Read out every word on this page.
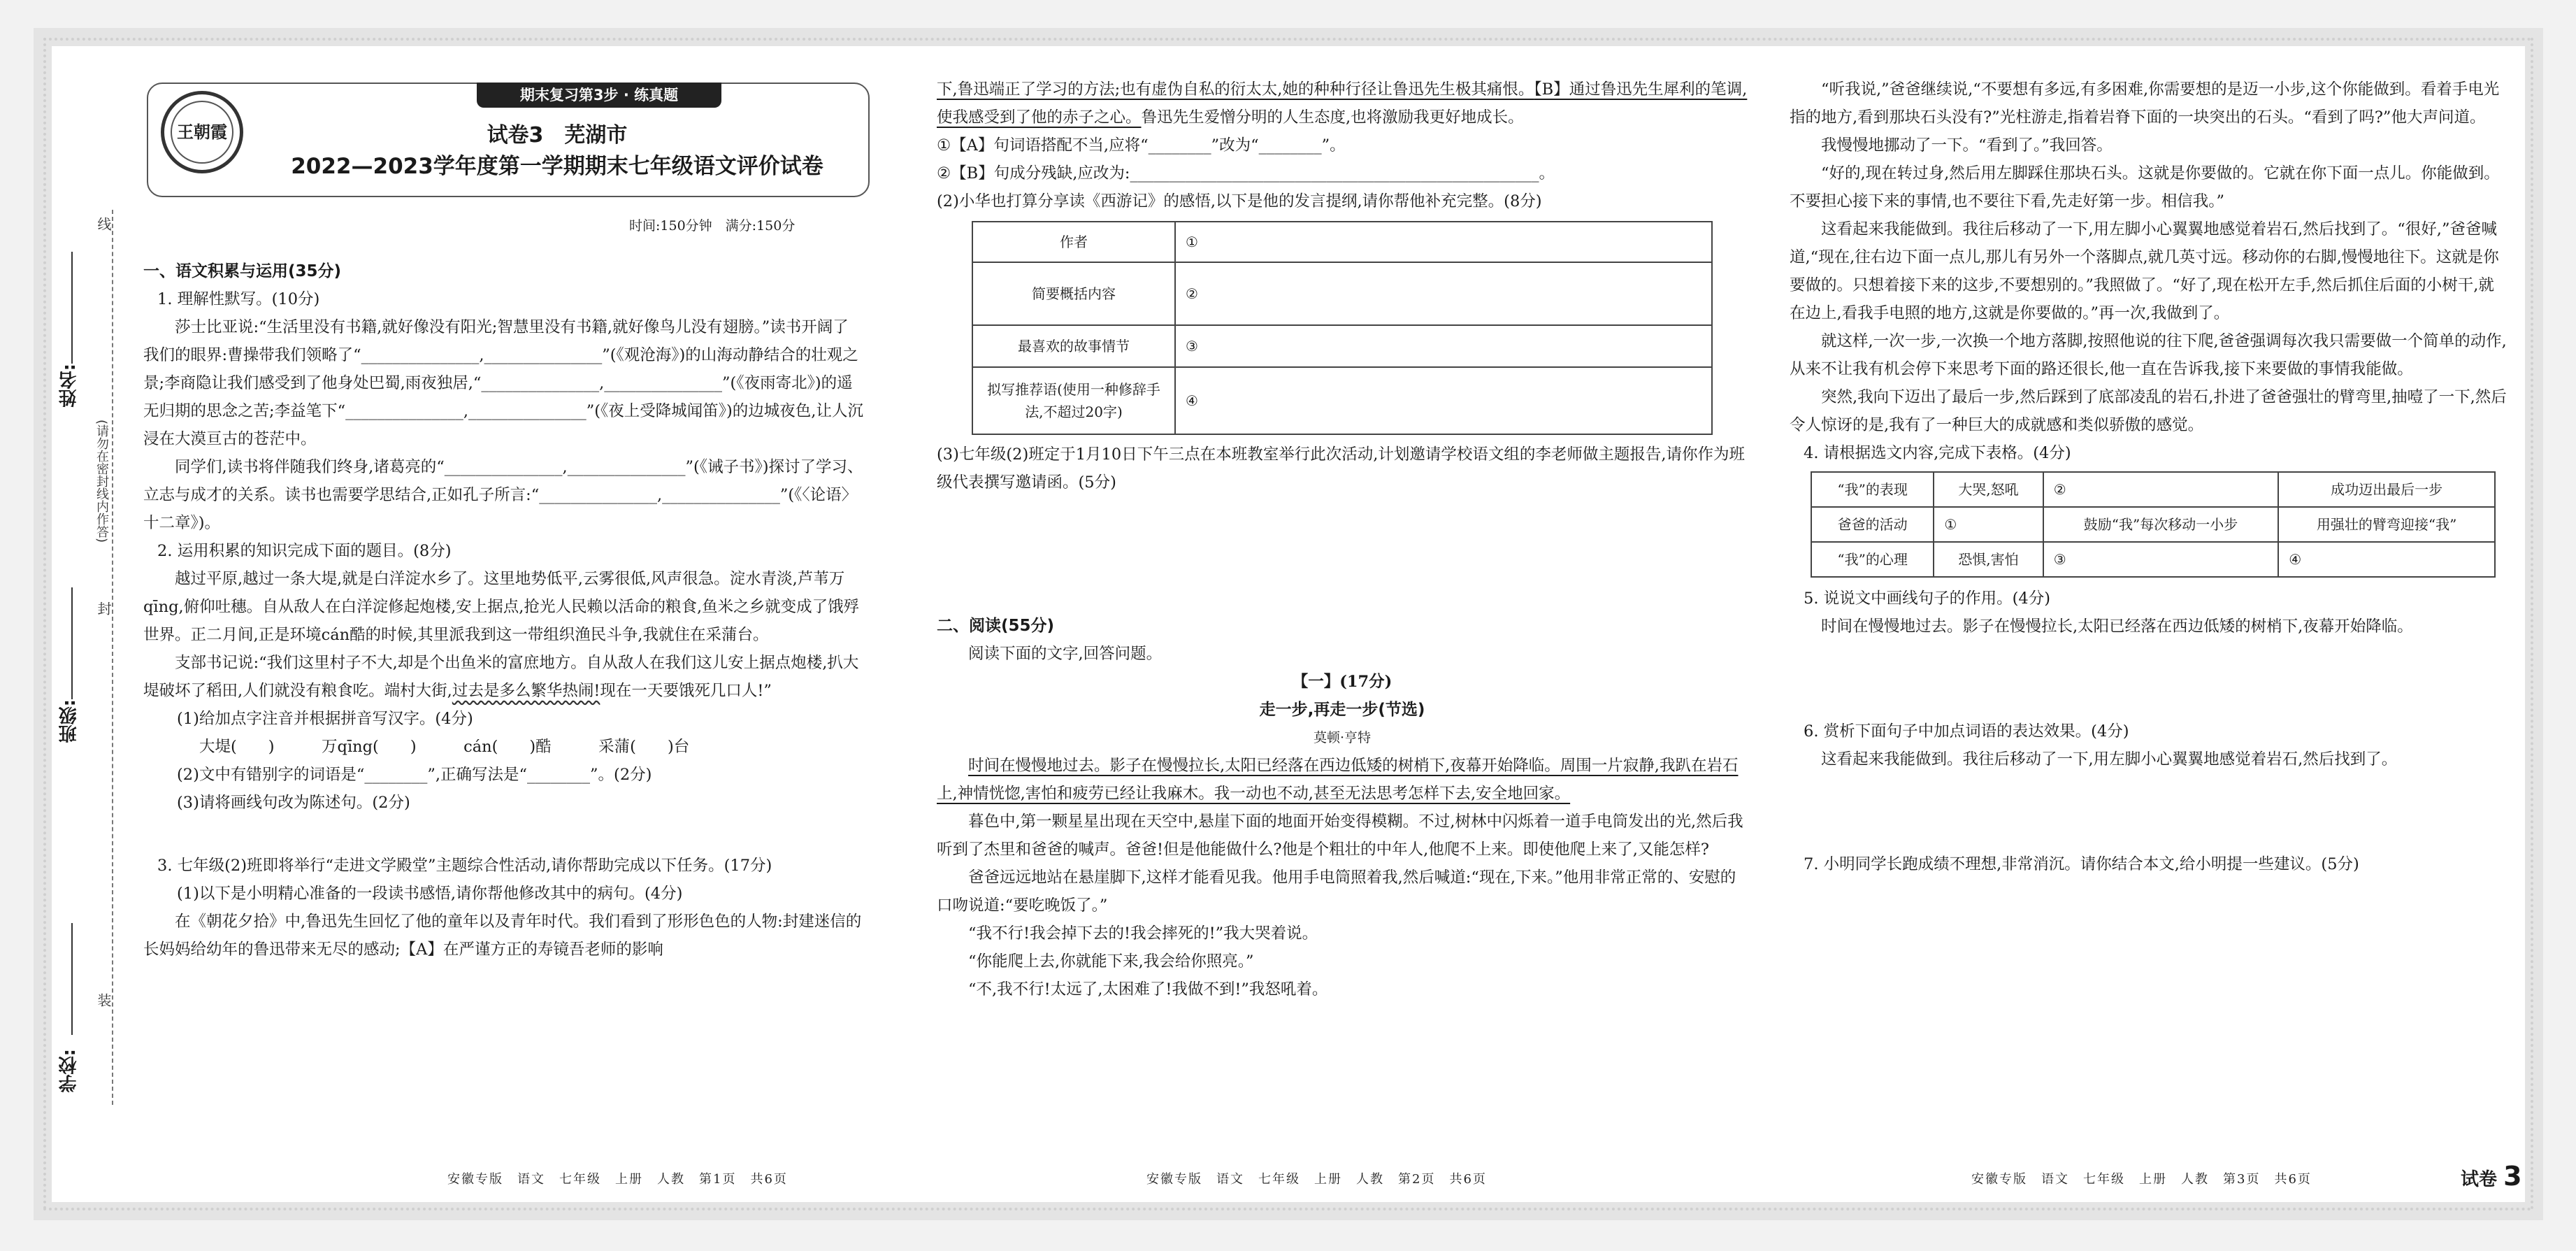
线
姓名:
(请勿在密封线内作答)
封
班级:
装
学校:
期末复习第3步 · 练真题
王朝霞	试卷3　芜湖市
2022—2023学年度第一学期期末七年级语文评价试卷
时间:150分钟　满分:150分

一、语文积累与运用(35分)

1. 理解性默写。(10分)

莎士比亚说:“生活里没有书籍,就好像没有阳光;智慧里没有书籍,就好像鸟儿没有翅膀。”读书开阔了我们的眼界:曹操带我们领略了“_______________,_______________”(《观沧海》)的山海动静结合的壮观之景;李商隐让我们感受到了他身处巴蜀,雨夜独居,“_______________,_______________”(《夜雨寄北》)的遥无归期的思念之苦;李益笔下“_______________,_______________”(《夜上受降城闻笛》)的边城夜色,让人沉浸在大漠亘古的苍茫中。

同学们,读书将伴随我们终身,诸葛亮的“_______________,_______________”(《诫子书》)探讨了学习、立志与成才的关系。读书也需要学思结合,正如孔子所言:“_______________,_______________”(《〈论语〉十二章》)。

2. 运用积累的知识完成下面的题目。(8分)

越过平原,越过一条大堤,就是白洋淀水乡了。这里地势低平,云雾很低,风声很急。淀水青淡,芦苇万qīng,俯仰吐穗。自从敌人在白洋淀修起炮楼,安上据点,抢光人民赖以活命的粮食,鱼米之乡就变成了饿殍世界。正二月间,正是环境cán酷的时候,其里派我到这一带组织渔民斗争,我就住在采蒲台。

支部书记说:“我们这里村子不大,却是个出鱼米的富庶地方。自从敌人在我们这儿安上据点炮楼,扒大堤破坏了稻田,人们就没有粮食吃。端村大街,过去是多么繁华热闹!现在一天要饿死几口人!”

(1)给加点字注音并根据拼音写汉字。(4分)

大堤(　　)　　　万qīng(　　)　　　cán(　　)酷　　　采蒲(　　)台

(2)文中有错别字的词语是“________”,正确写法是“________”。(2分)

(3)请将画线句改为陈述句。(2分)

3. 七年级(2)班即将举行“走进文学殿堂”主题综合性活动,请你帮助完成以下任务。(17分)

(1)以下是小明精心准备的一段读书感悟,请你帮他修改其中的病句。(4分)

在《朝花夕拾》中,鲁迅先生回忆了他的童年以及青年时代。我们看到了形形色色的人物:封建迷信的长妈妈给幼年的鲁迅带来无尽的感动;【A】在严谨方正的寿镜吾老师的影响

下,鲁迅端正了学习的方法;也有虚伪自私的衍太太,她的种种行径让鲁迅先生极其痛恨。【B】通过鲁迅先生犀利的笔调,使我感受到了他的赤子之心。鲁迅先生爱憎分明的人生态度,也将激励我更好地成长。

①【A】句词语搭配不当,应将“________”改为“________”。

②【B】句成分残缺,应改为:____________________________________________________。

(2)小华也打算分享读《西游记》的感悟,以下是他的发言提纲,请你帮他补充完整。(8分)

作者	①
简要概括内容	②
最喜欢的故事情节	③
拟写推荐语(使用一种修辞手法,不超过20字)	④

(3)七年级(2)班定于1月10日下午三点在本班教室举行此次活动,计划邀请学校语文组的李老师做主题报告,请你作为班级代表撰写邀请函。(5分)

二、阅读(55分)

阅读下面的文字,回答问题。

【一】(17分)

走一步,再走一步(节选)

莫顿·亨特

时间在慢慢地过去。影子在慢慢拉长,太阳已经落在西边低矮的树梢下,夜幕开始降临。周围一片寂静,我趴在岩石上,神情恍惚,害怕和疲劳已经让我麻木。我一动也不动,甚至无法思考怎样下去,安全地回家。

暮色中,第一颗星星出现在天空中,悬崖下面的地面开始变得模糊。不过,树林中闪烁着一道手电筒发出的光,然后我听到了杰里和爸爸的喊声。爸爸!但是他能做什么?他是个粗壮的中年人,他爬不上来。即使他爬上来了,又能怎样?

爸爸远远地站在悬崖脚下,这样才能看见我。他用手电筒照着我,然后喊道:“现在,下来。”他用非常正常的、安慰的口吻说道:“要吃晚饭了。”

“我不行!我会掉下去的!我会摔死的!”我大哭着说。

“你能爬上去,你就能下来,我会给你照亮。”

“不,我不行!太远了,太困难了!我做不到!”我怒吼着。

“听我说,”爸爸继续说,“不要想有多远,有多困难,你需要想的是迈一小步,这个你能做到。看着手电光指的地方,看到那块石头没有?”光柱游走,指着岩脊下面的一块突出的石头。“看到了吗?”他大声问道。

我慢慢地挪动了一下。“看到了。”我回答。

“好的,现在转过身,然后用左脚踩住那块石头。这就是你要做的。它就在你下面一点儿。你能做到。不要担心接下来的事情,也不要往下看,先走好第一步。相信我。”

这看起来我能做到。我往后移动了一下,用左脚小心翼翼地感觉着岩石,然后找到了。“很好,”爸爸喊道,“现在,往右边下面一点儿,那儿有另外一个落脚点,就几英寸远。移动你的右脚,慢慢地往下。这就是你要做的。只想着接下来的这步,不要想别的。”我照做了。“好了,现在松开左手,然后抓住后面的小树干,就在边上,看我手电照的地方,这就是你要做的。”再一次,我做到了。

就这样,一次一步,一次换一个地方落脚,按照他说的往下爬,爸爸强调每次我只需要做一个简单的动作,从来不让我有机会停下来思考下面的路还很长,他一直在告诉我,接下来要做的事情我能做。

突然,我向下迈出了最后一步,然后踩到了底部凌乱的岩石,扑进了爸爸强壮的臂弯里,抽噎了一下,然后令人惊讶的是,我有了一种巨大的成就感和类似骄傲的感觉。

4. 请根据选文内容,完成下表格。(4分)

“我”的表现	大哭,怒吼	②	成功迈出最后一步
爸爸的活动	①	鼓励“我”每次移动一小步	用强壮的臂弯迎接“我”
“我”的心理	恐惧,害怕	③	④

5. 说说文中画线句子的作用。(4分)

时间在慢慢地过去。影子在慢慢拉长,太阳已经落在西边低矮的树梢下,夜幕开始降临。

6. 赏析下面句子中加点词语的表达效果。(4分)

这看起来我能做到。我往后移动了一下,用左脚小心翼翼地感觉着岩石,然后找到了。

7. 小明同学长跑成绩不理想,非常消沉。请你结合本文,给小明提一些建议。(5分)

安徽专版　语文　七年级　上册　人教　第1页　共6页	安徽专版　语文　七年级　上册　人教　第2页　共6页	安徽专版　语文　七年级　上册　人教　第3页　共6页	试卷 3
